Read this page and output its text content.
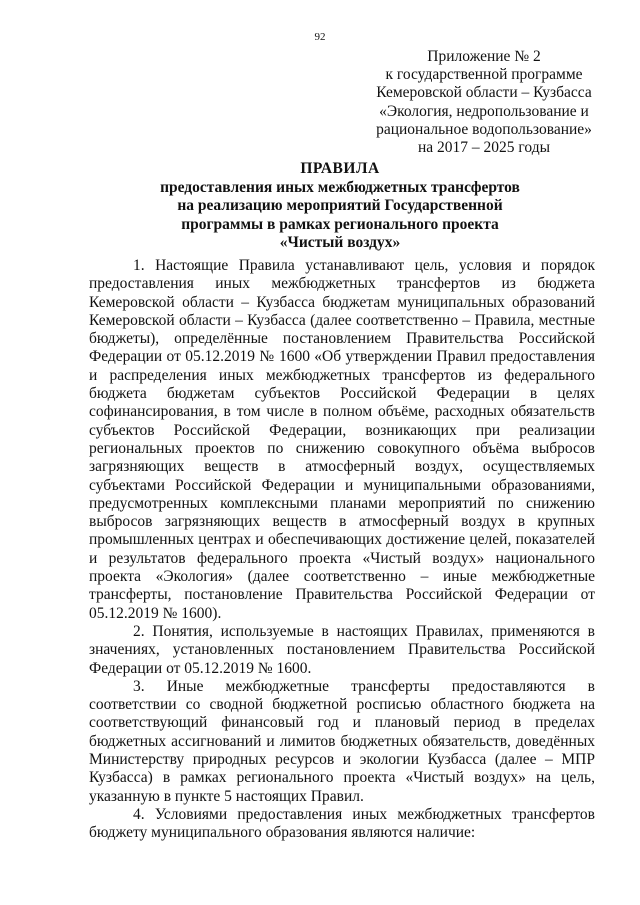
92
Приложение № 2
к государственной программе
Кемеровской области – Кузбасса
«Экология, недропользование и
рациональное водопользование»
на 2017 – 2025 годы
ПРАВИЛА
предоставления иных межбюджетных трансфертов
на реализацию мероприятий Государственной
программы в рамках регионального проекта
«Чистый воздух»

1. Настоящие Правила устанавливают цель, условия и порядок предоставления иных межбюджетных трансфертов из бюджета Кемеровской области – Кузбасса бюджетам муниципальных образований Кемеровской области – Кузбасса (далее соответственно – Правила, местные бюджеты), определённые постановлением Правительства Российской Федерации от 05.12.2019 № 1600 «Об утверждении Правил предоставления и распределения иных межбюджетных трансфертов из федерального бюджета бюджетам субъектов Российской Федерации в целях софинансирования, в том числе в полном объёме, расходных обязательств субъектов Российской Федерации, возникающих при реализации региональных проектов по снижению совокупного объёма выбросов загрязняющих веществ в атмосферный воздух, осуществляемых субъектами Российской Федерации и муниципальными образованиями, предусмотренных комплексными планами мероприятий по снижению выбросов загрязняющих веществ в атмосферный воздух в крупных промышленных центрах и обеспечивающих достижение целей, показателей и результатов федерального проекта «Чистый воздух» национального проекта «Экология» (далее соответственно – иные межбюджетные трансферты, постановление Правительства Российской Федерации от 05.12.2019 № 1600).

2. Понятия, используемые в настоящих Правилах, применяются в значениях, установленных постановлением Правительства Российской Федерации от 05.12.2019 № 1600.

3. Иные межбюджетные трансферты предоставляются в соответствии со сводной бюджетной росписью областного бюджета на соответствующий финансовый год и плановый период в пределах бюджетных ассигнований и лимитов бюджетных обязательств, доведённых Министерству природных ресурсов и экологии Кузбасса (далее – МПР Кузбасса) в рамках регионального проекта «Чистый воздух» на цель, указанную в пункте 5 настоящих Правил.

4. Условиями предоставления иных межбюджетных трансфертов бюджету муниципального образования являются наличие:
